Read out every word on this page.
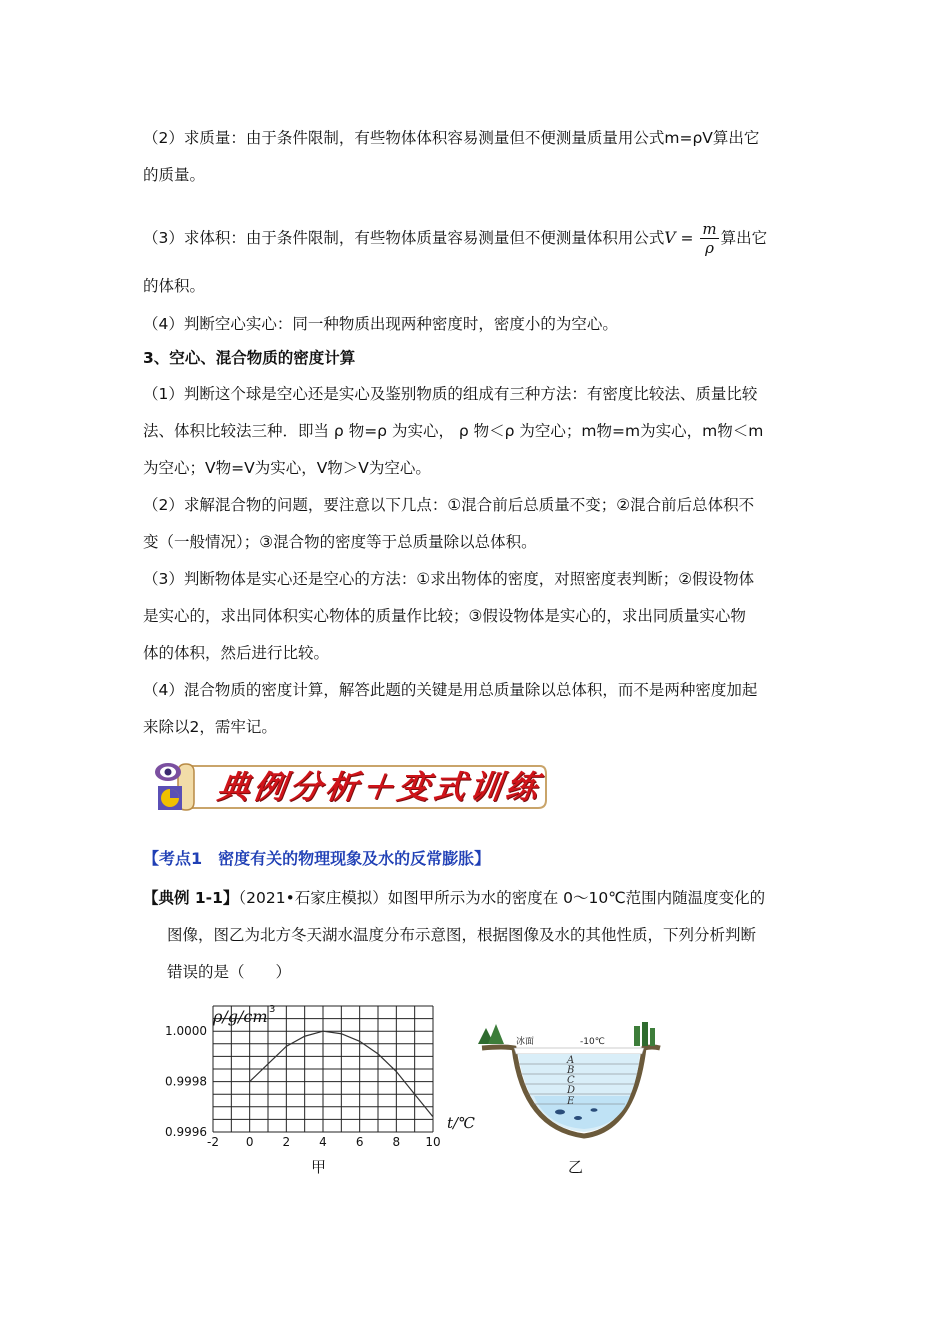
（2）求质量：由于条件限制，有些物体体积容易测量但不便测量质量用公式m=ρV算出它
的质量。
（3）求体积：由于条件限制，有些物体质量容易测量但不便测量体积用公式$V = \frac{m}{\rho}$ 算出它
的体积。
（4）判断空心实心：同一种物质出现两种密度时，密度小的为空心。
3、空心、混合物质的密度计算
（1）判断这个球是空心还是实心及鉴别物质的组成有三种方法：有密度比较法、质量比较
法、体积比较法三种．即当 ρ 物=ρ 为实心， ρ 物＜ρ 为空心；m物=m为实心，m物＜m
为空心；V物=V为实心，V物＞V为空心。
（2）求解混合物的问题，要注意以下几点：①混合前后总质量不变；②混合前后总体积不
变（一般情况）；③混合物的密度等于总质量除以总体积。
（3）判断物体是实心还是空心的方法：①求出物体的密度，对照密度表判断；②假设物体
是实心的，求出同体积实心物体的质量作比较；③假设物体是实心的，求出同质量实心物
体的体积，然后进行比较。
（4）混合物质的密度计算，解答此题的关键是用总质量除以总体积，而不是两种密度加起
来除以2，需牢记。
典例分析＋变式训练
【考点1　密度有关的物理现象及水的反常膨胀】
【典例 1-1】（2021•石家庄模拟）如图甲所示为水的密度在 0～10℃范围内随温度变化的
图像，图乙为北方冬天湖水温度分布示意图，根据图像及水的其他性质，下列分析判断
错误的是（　　）
-2 0 2 4 6 8 10
1.0000
0.9998
0.9996
ρ/g/cm 3
t/℃
甲
冰面	-10℃
A
B
C
D
E
乙
